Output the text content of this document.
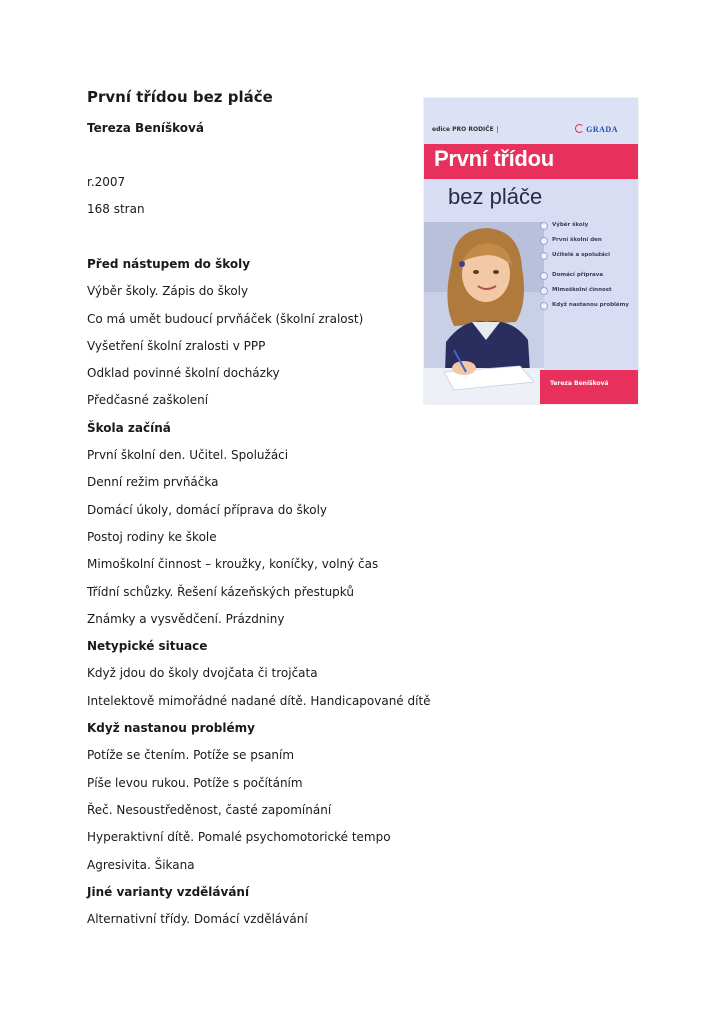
První třídou bez pláče
Tereza Beníšková
r.2007
168 stran
Před nástupem do školy
Výběr školy. Zápis do školy
Co má umět budoucí prvňáček (školní zralost)
Vyšetření školní zralosti v PPP
Odklad povinné školní docházky
Předčasné zaškolení
Škola začíná
První školní den. Učitel. Spolužáci
Denní režim prvňáčka
Domácí úkoly, domácí příprava do školy
Postoj rodiny ke škole
Mimoškolní činnost – kroužky, koníčky, volný čas
Třídní schůzky. Řešení kázeňských přestupků
Známky a vysvědčení. Prázdniny
Netypické situace
Když jdou do školy dvojčata či trojčata
Intelektově mimořádné nadané dítě. Handicapované dítě
Když nastanou problémy
Potíže se čtením. Potíže se psaním
Píše levou rukou. Potíže s počítáním
Řeč. Nesoustředěnost, časté zapomínání
Hyperaktivní dítě. Pomalé psychomotorické tempo
Agresivita. Šikana
Jiné varianty vzdělávání
Alternativní třídy. Domácí vzdělávání
edice PRO RODIČE	GRADA
První třídou
bez pláče
Výběr školy
První školní den
Učitelé a spolužáci
Domácí příprava
Mimoškolní činnost
Když nastanou problémy
Tereza Beníšková
